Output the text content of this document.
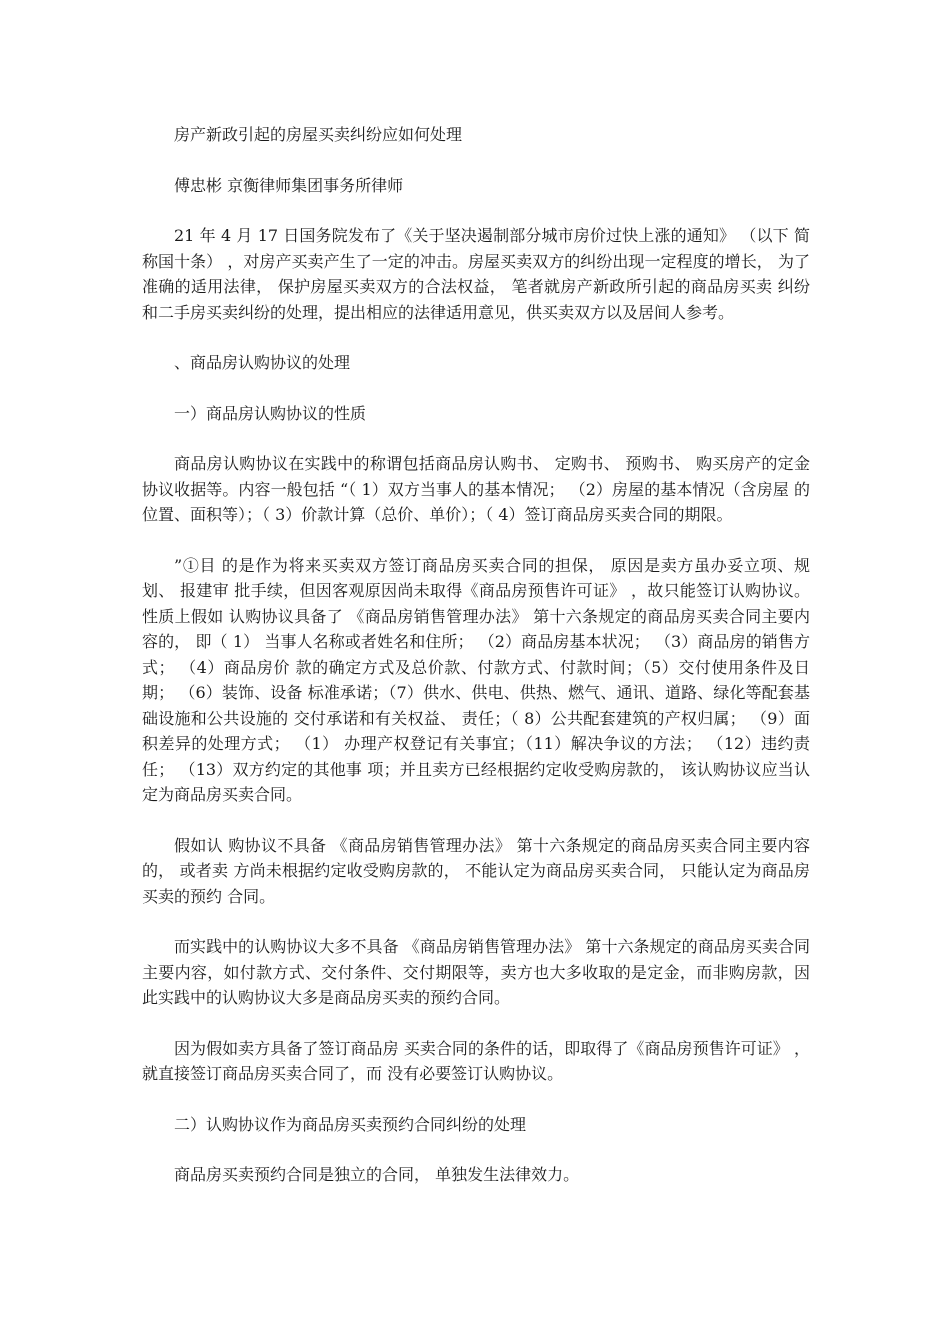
房产新政引起的房屋买卖纠纷应如何处理

傅忠彬 京衡律师集团事务所律师

21 年 4 月 17 日国务院发布了《关于坚决遏制部分城市房价过快上涨的通知》 （以下 简称国十条） ，对房产买卖产生了一定的冲击。房屋买卖双方的纠纷出现一定程度的增长， 为了准确的适用法律， 保护房屋买卖双方的合法权益， 笔者就房产新政所引起的商品房买卖 纠纷和二手房买卖纠纷的处理，提出相应的法律适用意见，供买卖双方以及居间人参考。

、商品房认购协议的处理

一）商品房认购协议的性质

商品房认购协议在实践中的称谓包括商品房认购书、 定购书、 预购书、 购买房产的定金 协议收据等。内容一般包括 “（ 1）双方当事人的基本情况； （2）房屋的基本情况（含房屋 的位置、面积等）；（ 3）价款计算（总价、单价）；（ 4）签订商品房买卖合同的期限。

”①目 的是作为将来买卖双方签订商品房买卖合同的担保， 原因是卖方虽办妥立项、规划、 报建审 批手续，但因客观原因尚未取得《商品房预售许可证》 ，故只能签订认购协议。性质上假如 认购协议具备了 《商品房销售管理办法》 第十六条规定的商品房买卖合同主要内容的， 即（ 1） 当事人名称或者姓名和住所； （2）商品房基本状况； （3）商品房的销售方式； （4）商品房价 款的确定方式及总价款、付款方式、付款时间；（5）交付使用条件及日期； （6）装饰、设备 标准承诺；（7）供水、供电、供热、燃气、通讯、道路、绿化等配套基础设施和公共设施的 交付承诺和有关权益、 责任；（ 8）公共配套建筑的产权归属； （9）面积差异的处理方式； （1） 办理产权登记有关事宜；（11）解决争议的方法； （12）违约责任； （13）双方约定的其他事 项；并且卖方已经根据约定收受购房款的， 该认购协议应当认定为商品房买卖合同。

假如认 购协议不具备 《商品房销售管理办法》 第十六条规定的商品房买卖合同主要内容的， 或者卖 方尚未根据约定收受购房款的， 不能认定为商品房买卖合同， 只能认定为商品房买卖的预约 合同。

而实践中的认购协议大多不具备 《商品房销售管理办法》 第十六条规定的商品房买卖合同主要内容，如付款方式、交付条件、交付期限等，卖方也大多收取的是定金，而非购房款，因此实践中的认购协议大多是商品房买卖的预约合同。

因为假如卖方具备了签订商品房 买卖合同的条件的话，即取得了《商品房预售许可证》 ，就直接签订商品房买卖合同了，而 没有必要签订认购协议。

二）认购协议作为商品房买卖预约合同纠纷的处理

商品房买卖预约合同是独立的合同， 单独发生法律效力。
